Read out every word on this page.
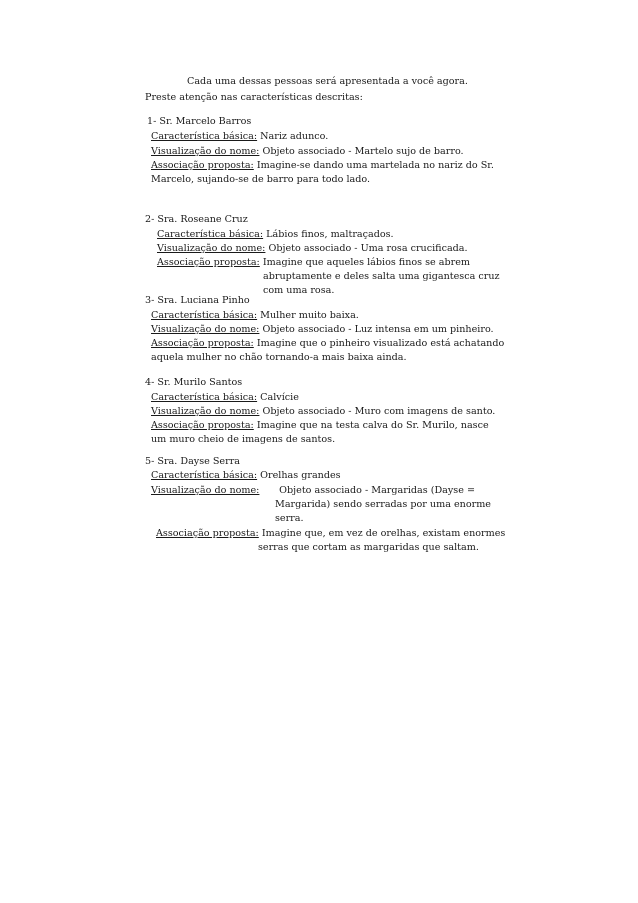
Cada uma dessas pessoas será apresentada a você agora.
Preste atenção nas características descritas:
1- Sr. Marcelo Barros
Característica básica: Nariz adunco.
Visualização do nome: Objeto associado - Martelo sujo de barro.
Associação proposta: Imagine-se dando uma martelada no nariz do Sr.
Marcelo, sujando-se de barro para todo lado.
2- Sra. Roseane Cruz
Característica básica: Lábios finos, maltraçados.
Visualização do nome: Objeto associado - Uma rosa crucificada.
Associação proposta: Imagine que aqueles lábios finos se abrem
abruptamente e deles salta uma gigantesca cruz
com uma rosa.
3- Sra. Luciana Pinho
Característica básica: Mulher muito baixa.
Visualização do nome: Objeto associado - Luz intensa em um pinheiro.
Associação proposta: Imagine que o pinheiro visualizado está achatando
aquela mulher no chão tornando-a mais baixa ainda.
4- Sr. Murilo Santos
Característica básica: Calvície
Visualização do nome: Objeto associado - Muro com imagens de santo.
Associação proposta: Imagine que na testa calva do Sr. Murilo, nasce
um muro cheio de imagens de santos.
5- Sra. Dayse Serra
Característica básica: Orelhas grandes
Visualização do nome: Objeto associado - Margaridas (Dayse =
Margarida) sendo serradas por uma enorme
serra.
Associação proposta: Imagine que, em vez de orelhas, existam enormes
serras que cortam as margaridas que saltam.
